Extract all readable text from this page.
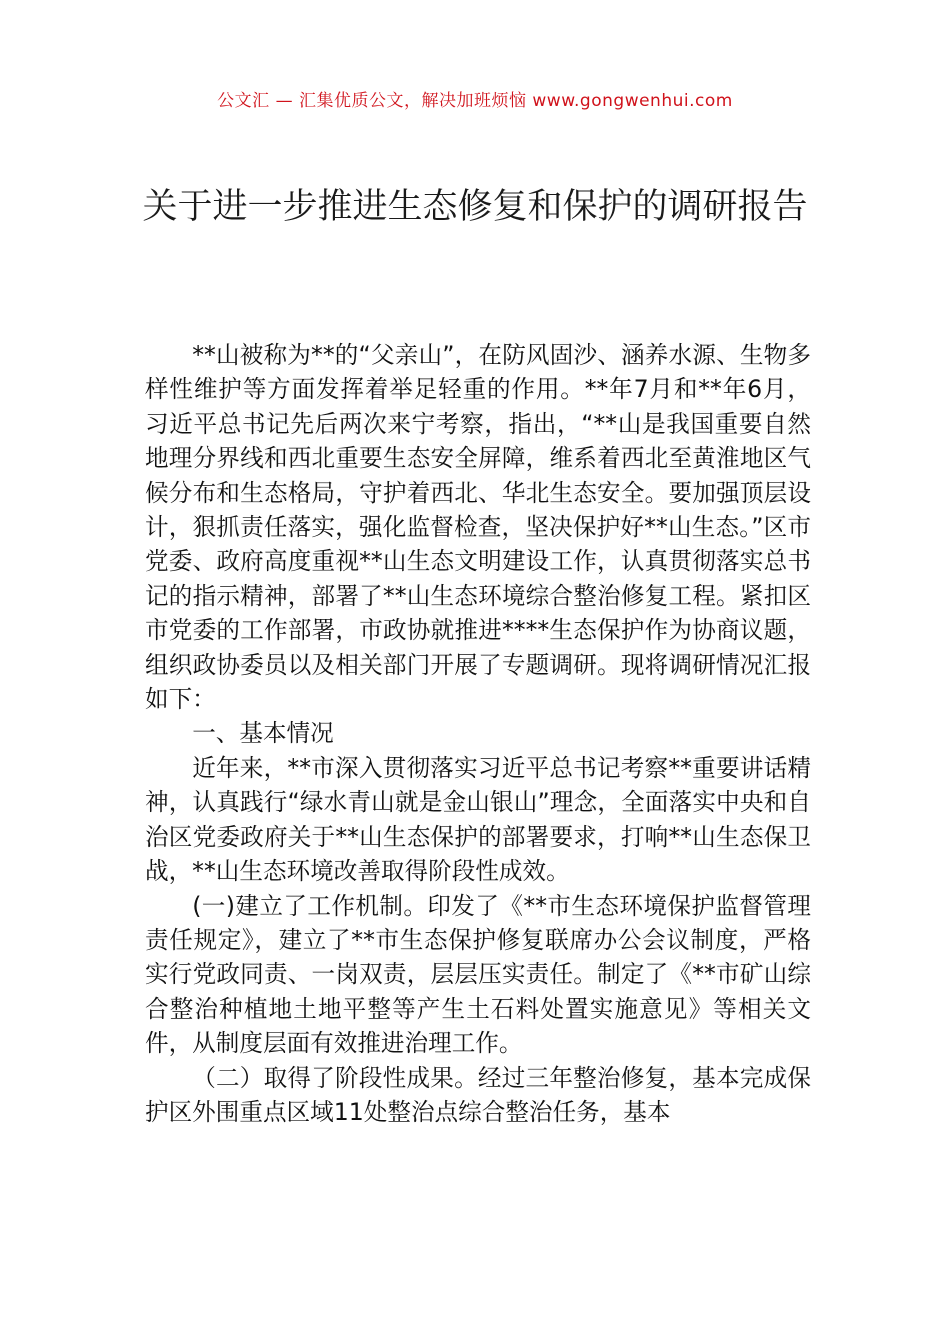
公文汇 — 汇集优质公文，解决加班烦恼 www.gongwenhui.com
关于进一步推进生态修复和保护的调研报告

**山被称为**的“父亲山”，在防风固沙、涵养水源、生物多样性维护等方面发挥着举足轻重的作用。**年7月和**年6月，习近平总书记先后两次来宁考察，指出，“**山是我国重要自然地理分界线和西北重要生态安全屏障，维系着西北至黄淮地区气候分布和生态格局，守护着西北、华北生态安全。要加强顶层设计，狠抓责任落实，强化监督检查，坚决保护好**山生态。”区市党委、政府高度重视**山生态文明建设工作，认真贯彻落实总书记的指示精神，部署了**山生态环境综合整治修复工程。紧扣区市党委的工作部署，市政协就推进****生态保护作为协商议题，组织政协委员以及相关部门开展了专题调研。现将调研情况汇报如下：

一、基本情况

近年来，**市深入贯彻落实习近平总书记考察**重要讲话精神，认真践行“绿水青山就是金山银山”理念，全面落实中央和自治区党委政府关于**山生态保护的部署要求，打响**山生态保卫战，**山生态环境改善取得阶段性成效。

(一)建立了工作机制。印发了《**市生态环境保护监督管理责任规定》，建立了**市生态保护修复联席办公会议制度，严格实行党政同责、一岗双责，层层压实责任。制定了《**市矿山综合整治种植地土地平整等产生土石料处置实施意见》等相关文件，从制度层面有效推进治理工作。

（二）取得了阶段性成果。经过三年整治修复，基本完成保护区外围重点区域11处整治点综合整治任务，基本
